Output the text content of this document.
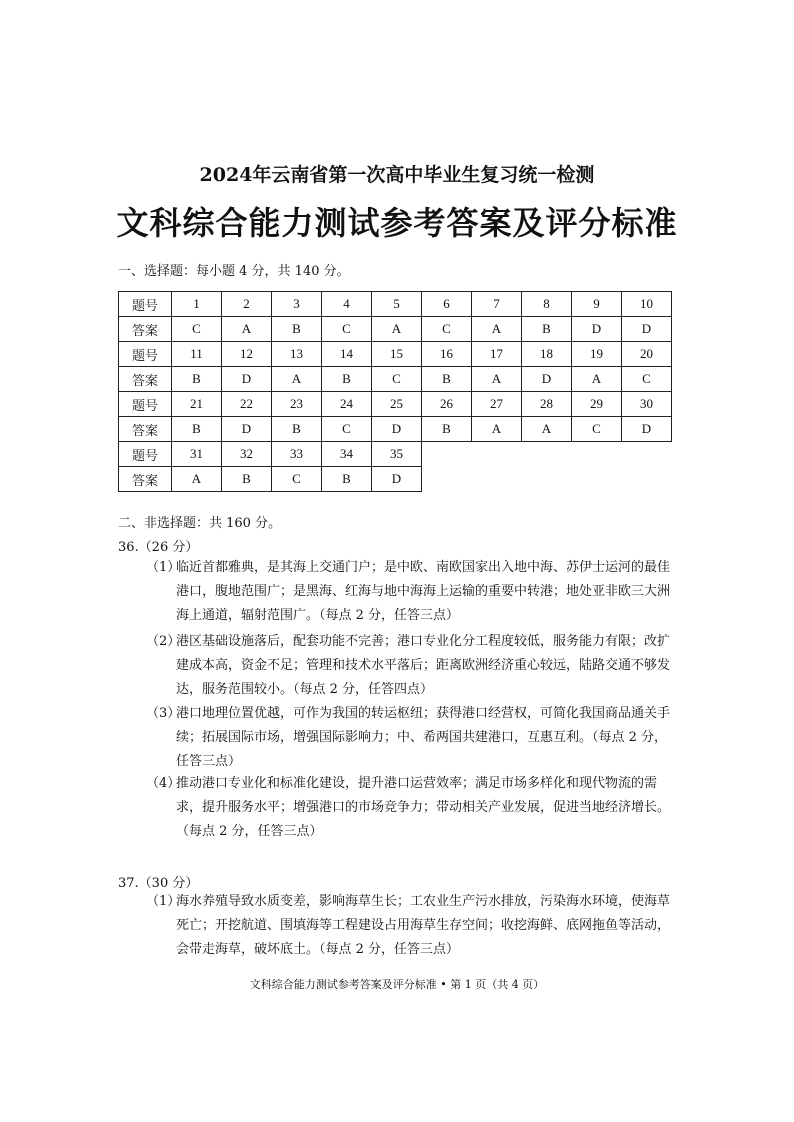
2024年云南省第一次高中毕业生复习统一检测
文科综合能力测试参考答案及评分标准
一、选择题：每小题 4 分，共 140 分。
题号	1	2	3	4	5	6	7	8	9	10
答案	C	A	B	C	A	C	A	B	D	D
题号	11	12	13	14	15	16	17	18	19	20
答案	B	D	A	B	C	B	A	D	A	C
题号	21	22	23	24	25	26	27	28	29	30
答案	B	D	B	C	D	B	A	A	C	D
题号	31	32	33	34	35					
答案	A	B	C	B	D					
二、非选择题：共 160 分。
36.（26 分）
（1）
临近首都雅典，是其海上交通门户；是中欧、南欧国家出入地中海、苏伊士运河的最佳港口，腹地范围广；是黑海、红海与地中海海上运输的重要中转港；地处亚非欧三大洲海上通道，辐射范围广。（每点 2 分，任答三点）
（2）
港区基础设施落后，配套功能不完善；港口专业化分工程度较低，服务能力有限；改扩建成本高，资金不足；管理和技术水平落后；距离欧洲经济重心较远，陆路交通不够发达，服务范围较小。（每点 2 分，任答四点）
（3）
港口地理位置优越，可作为我国的转运枢纽；获得港口经营权，可简化我国商品通关手续；拓展国际市场，增强国际影响力；中、希两国共建港口，互惠互利。（每点 2 分，任答三点）
（4）
推动港口专业化和标准化建设，提升港口运营效率；满足市场多样化和现代物流的需求，提升服务水平；增强港口的市场竞争力；带动相关产业发展，促进当地经济增长。（每点 2 分，任答三点）
37.（30 分）
（1）
海水养殖导致水质变差，影响海草生长；工农业生产污水排放，污染海水环境，使海草死亡；开挖航道、围填海等工程建设占用海草生存空间；收挖海鲜、底网拖鱼等活动，会带走海草，破坏底土。（每点 2 分，任答三点）
文科综合能力测试参考答案及评分标准 • 第 1 页（共 4 页）
